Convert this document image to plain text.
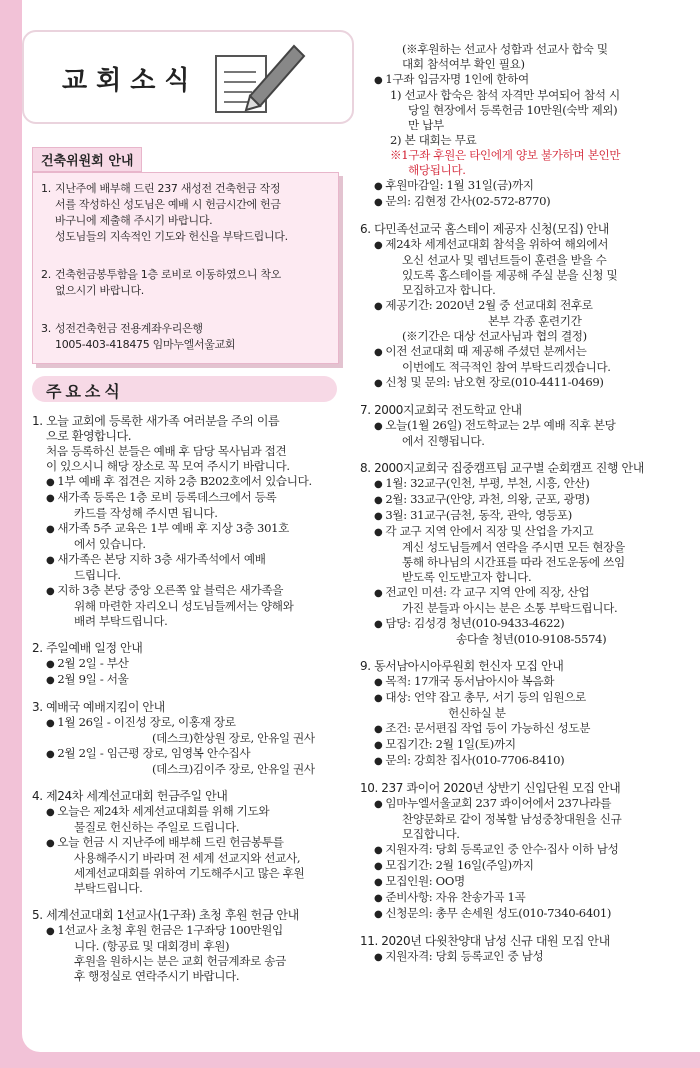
교회소식
건축위원회 안내
1. 지난주에 배부해 드린 237 새성전 건축헌금 작정
서를 작성하신 성도님은 예배 시 헌금시간에 헌금
바구니에 제출해 주시기 바랍니다.
성도님들의 지속적인 기도와 헌신을 부탁드립니다.
2. 건축헌금봉투함을 1층 로비로 이동하였으니 착오
없으시기 바랍니다.
3. 성전건축헌금 전용계좌우리은행
1005-403-418475 임마누엘서울교회
주요소식
1. 오늘 교회에 등록한 새가족 여러분을 주의 이름
으로 환영합니다.
처음 등록하신 분들은 예배 후 담당 목사님과 접견
이 있으시니 해당 장소로 꼭 모여 주시기 바랍니다.
● 1부 예배 후 접견은 지하 2층 B202호에서 있습니다.
● 새가족 등록은 1층 로비 등록데스크에서 등록
카드를 작성해 주시면 됩니다.
● 새가족 5주 교육은 1부 예배 후 지상 3층 301호
에서 있습니다.
● 새가족은 본당 지하 3층 새가족석에서 예배
드립니다.
● 지하 3층 본당 중앙 오른쪽 앞 블럭은 새가족을
위해 마련한 자리오니 성도님들께서는 양해와
배려 부탁드립니다.
2. 주일예배 일정 안내
● 2월 2일 - 부산
● 2월 9일 - 서울
3. 예배국 예배지킴이 안내
● 1월 26일 - 이진성 장로, 이홍재 장로
(데스크)한상원 장로, 안유일 권사
● 2월 2일 - 임근평 장로, 임영복 안수집사
(데스크)김이주 장로, 안유일 권사
4. 제24차 세계선교대회 헌금주일 안내
● 오늘은 제24차 세계선교대회를 위해 기도와
물질로 헌신하는 주일로 드립니다.
● 오늘 헌금 시 지난주에 배부해 드린 헌금봉투를
사용해주시기 바라며 전 세계 선교지와 선교사,
세계선교대회를 위하여 기도해주시고 많은 후원
부탁드립니다.
5. 세계선교대회 1선교사(1구좌) 초청 후원 헌금 안내
● 1선교사 초청 후원 헌금은 1구좌당 100만원입
니다. (항공료 및 대회경비 후원)
후원을 원하시는 분은 교회 헌금계좌로 송금
후 행정실로 연락주시기 바랍니다.
(※후원하는 선교사 성함과 선교사 합숙 및
대회 참석여부 확인 필요)
● 1구좌 입금자명 1인에 한하여
1) 선교사 합숙은 참석 자격만 부여되어 참석 시
당일 현장에서 등록헌금 10만원(숙박 제외)
만 납부
2) 본 대회는 무료
※1구좌 후원은 타인에게 양보 불가하며 본인만
해당됩니다.
● 후원마감일: 1월 31일(금)까지
● 문의: 김현정 간사(02-572-8770)
6. 다민족선교국 홈스테이 제공자 신청(모집) 안내
● 제24차 세계선교대회 참석을 위하여 해외에서
오신 선교사 및 렘넌트들이 훈련을 받을 수
있도록 홈스테이를 제공해 주실 분을 신청 및
모집하고자 합니다.
● 제공기간: 2020년 2월 중 선교대회 전후로
본부 각종 훈련기간
(※기간은 대상 선교사님과 협의 결정)
● 이전 선교대회 때 제공해 주셨던 분께서는
이번에도 적극적인 참여 부탁드리겠습니다.
● 신청 및 문의: 남오현 장로(010-4411-0469)
7. 2000지교회국 전도학교 안내
● 오늘(1월 26일) 전도학교는 2부 예배 직후 본당
에서 진행됩니다.
8. 2000지교회국 집중캠프팀 교구별 순회캠프 진행 안내
● 1월: 32교구(인천, 부평, 부천, 시흥, 안산)
● 2월: 33교구(안양, 과천, 의왕, 군포, 광명)
● 3월: 31교구(금천, 동작, 관악, 영등포)
● 각 교구 지역 안에서 직장 및 산업을 가지고
계신 성도님들께서 연락을 주시면 모든 현장을
통해 하나님의 시간표를 따라 전도운동에 쓰임
받도록 인도받고자 합니다.
● 전교인 미션: 각 교구 지역 안에 직장, 산업
가진 분들과 아시는 분은 소통 부탁드립니다.
● 담당: 김성경 청년(010-9433-4622)
송다솔 청년(010-9108-5574)
9. 동서남아시아루원회 헌신자 모집 안내
● 목적: 17개국 동서남아시아 복음화
● 대상: 언약 잡고 총무, 서기 등의 임원으로
헌신하실 분
● 조건: 문서편집 작업 등이 가능하신 성도분
● 모집기간: 2월 1일(토)까지
● 문의: 강희찬 집사(010-7706-8410)
10. 237 콰이어 2020년 상반기 신입단원 모집 안내
● 임마누엘서울교회 237 콰이어에서 237나라를
찬양문화로 같이 정복할 남성중창대원을 신규
모집합니다.
● 지원자격: 당회 등록교인 중 안수·집사 이하 남성
● 모집기간: 2월 16일(주일)까지
● 모집인원: OO명
● 준비사항: 자유 찬송가곡 1곡
● 신청문의: 총무 손세원 성도(010-7340-6401)
11. 2020년 다윗찬양대 남성 신규 대원 모집 안내
● 지원자격: 당회 등록교인 중 남성
